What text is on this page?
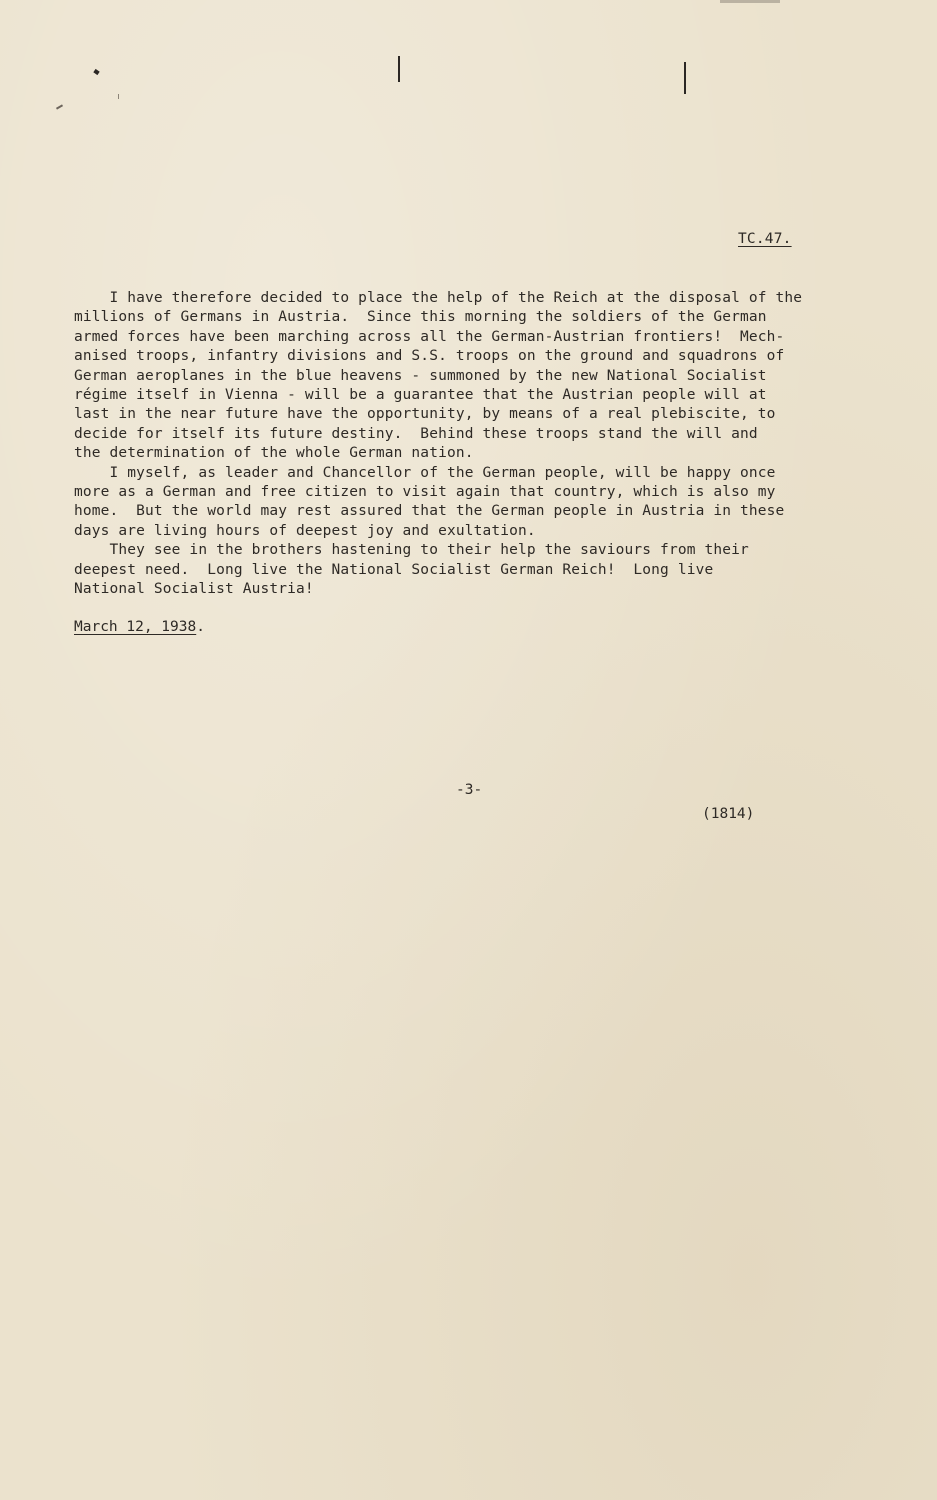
TC.47.
I have therefore decided to place the help of the Reich at the disposal of the
millions of Germans in Austria.  Since this morning the soldiers of the German
armed forces have been marching across all the German-Austrian frontiers!  Mech-
anised troops, infantry divisions and S.S. troops on the ground and squadrons of
German aeroplanes in the blue heavens - summoned by the new National Socialist
régime itself in Vienna - will be a guarantee that the Austrian people will at
last in the near future have the opportunity, by means of a real plebiscite, to
decide for itself its future destiny.  Behind these troops stand the will and
the determination of the whole German nation.
I myself, as leader and Chancellor of the German people, will be happy once
more as a German and free citizen to visit again that country, which is also my
home.  But the world may rest assured that the German people in Austria in these
days are living hours of deepest joy and exultation.
They see in the brothers hastening to their help the saviours from their
deepest need.  Long live the National Socialist German Reich!  Long live
National Socialist Austria!
March 12, 1938.
-3-
(1814)
